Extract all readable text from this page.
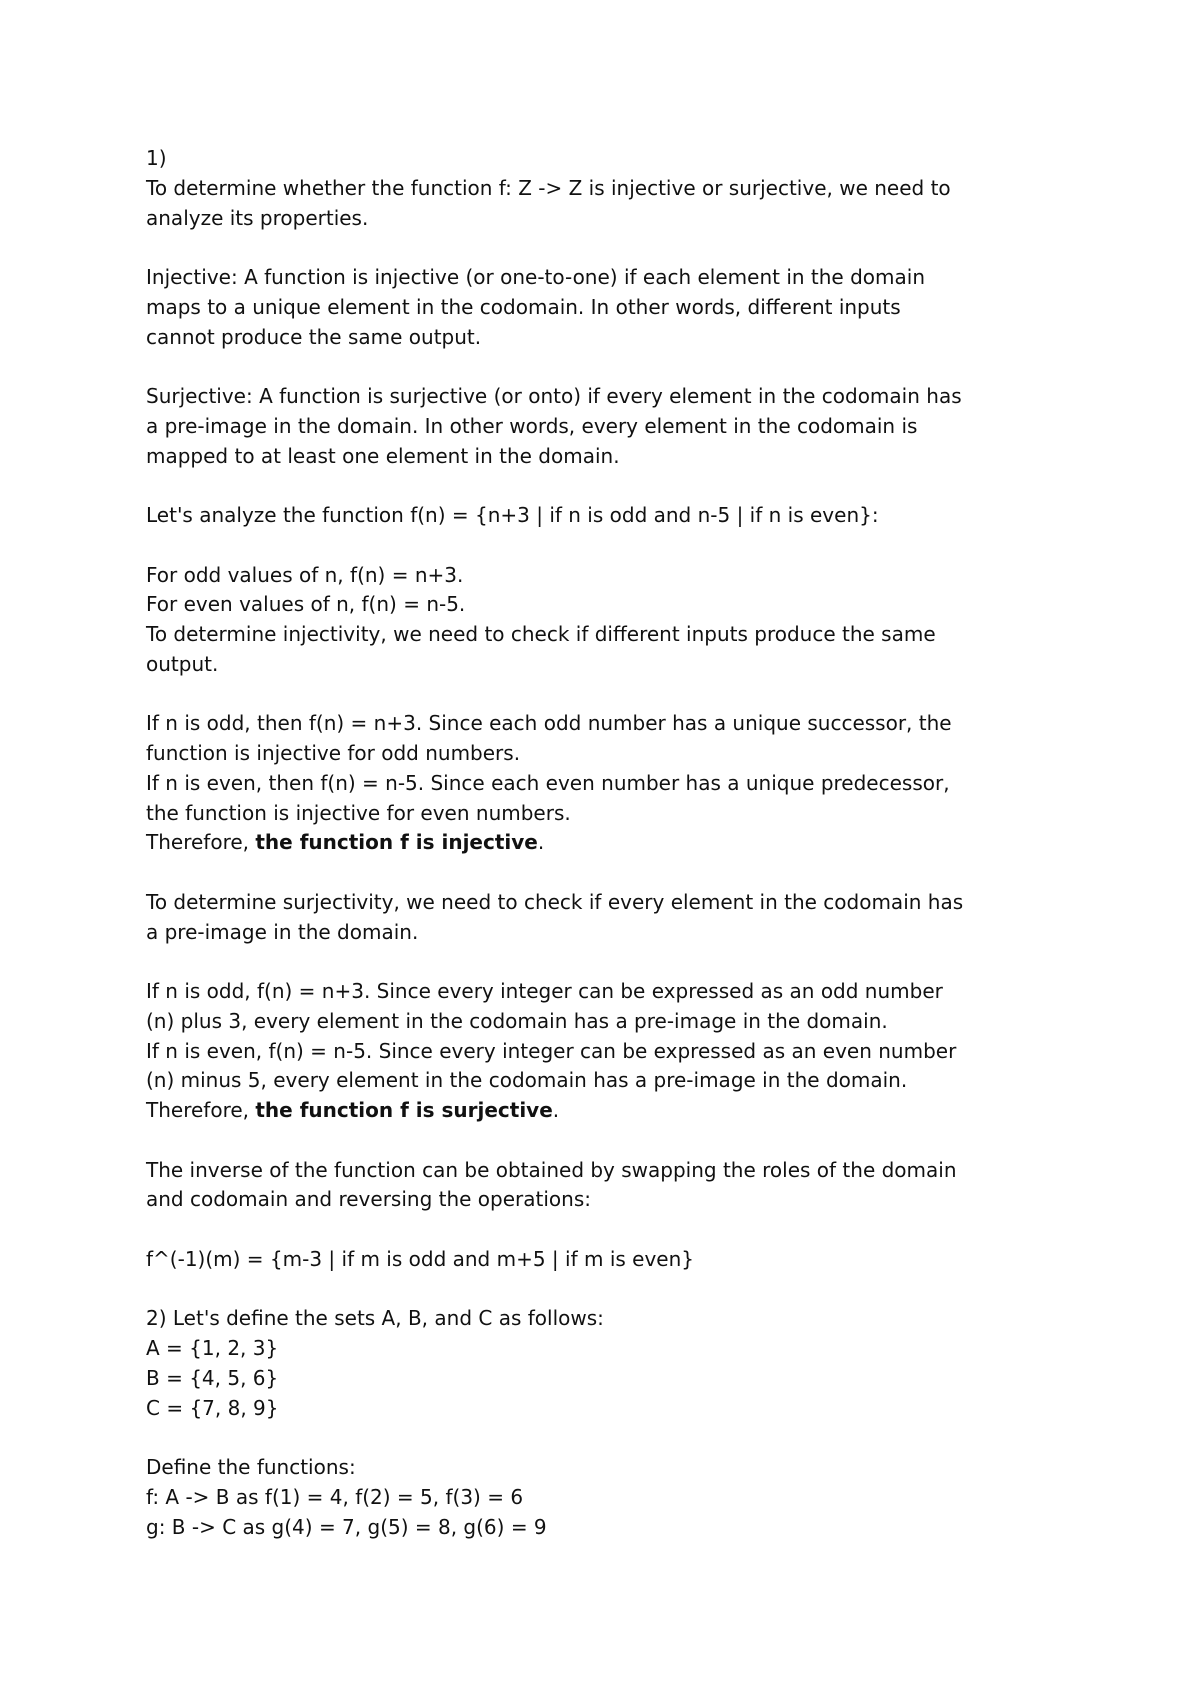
1)
To determine whether the function f: Z -> Z is injective or surjective, we need to
analyze its properties.
Injective: A function is injective (or one-to-one) if each element in the domain
maps to a unique element in the codomain. In other words, different inputs
cannot produce the same output.
Surjective: A function is surjective (or onto) if every element in the codomain has
a pre-image in the domain. In other words, every element in the codomain is
mapped to at least one element in the domain.
Let's analyze the function f(n) = {n+3 | if n is odd and n-5 | if n is even}:
For odd values of n, f(n) = n+3.
For even values of n, f(n) = n-5.
To determine injectivity, we need to check if different inputs produce the same
output.
If n is odd, then f(n) = n+3. Since each odd number has a unique successor, the
function is injective for odd numbers.
If n is even, then f(n) = n-5. Since each even number has a unique predecessor,
the function is injective for even numbers.
Therefore, the function f is injective.
To determine surjectivity, we need to check if every element in the codomain has
a pre-image in the domain.
If n is odd, f(n) = n+3. Since every integer can be expressed as an odd number
(n) plus 3, every element in the codomain has a pre-image in the domain.
If n is even, f(n) = n-5. Since every integer can be expressed as an even number
(n) minus 5, every element in the codomain has a pre-image in the domain.
Therefore, the function f is surjective.
The inverse of the function can be obtained by swapping the roles of the domain
and codomain and reversing the operations:
f^(-1)(m) = {m-3 | if m is odd and m+5 | if m is even}
2) Let's define the sets A, B, and C as follows:
A = {1, 2, 3}
B = {4, 5, 6}
C = {7, 8, 9}
Define the functions:
f: A -> B as f(1) = 4, f(2) = 5, f(3) = 6
g: B -> C as g(4) = 7, g(5) = 8, g(6) = 9
